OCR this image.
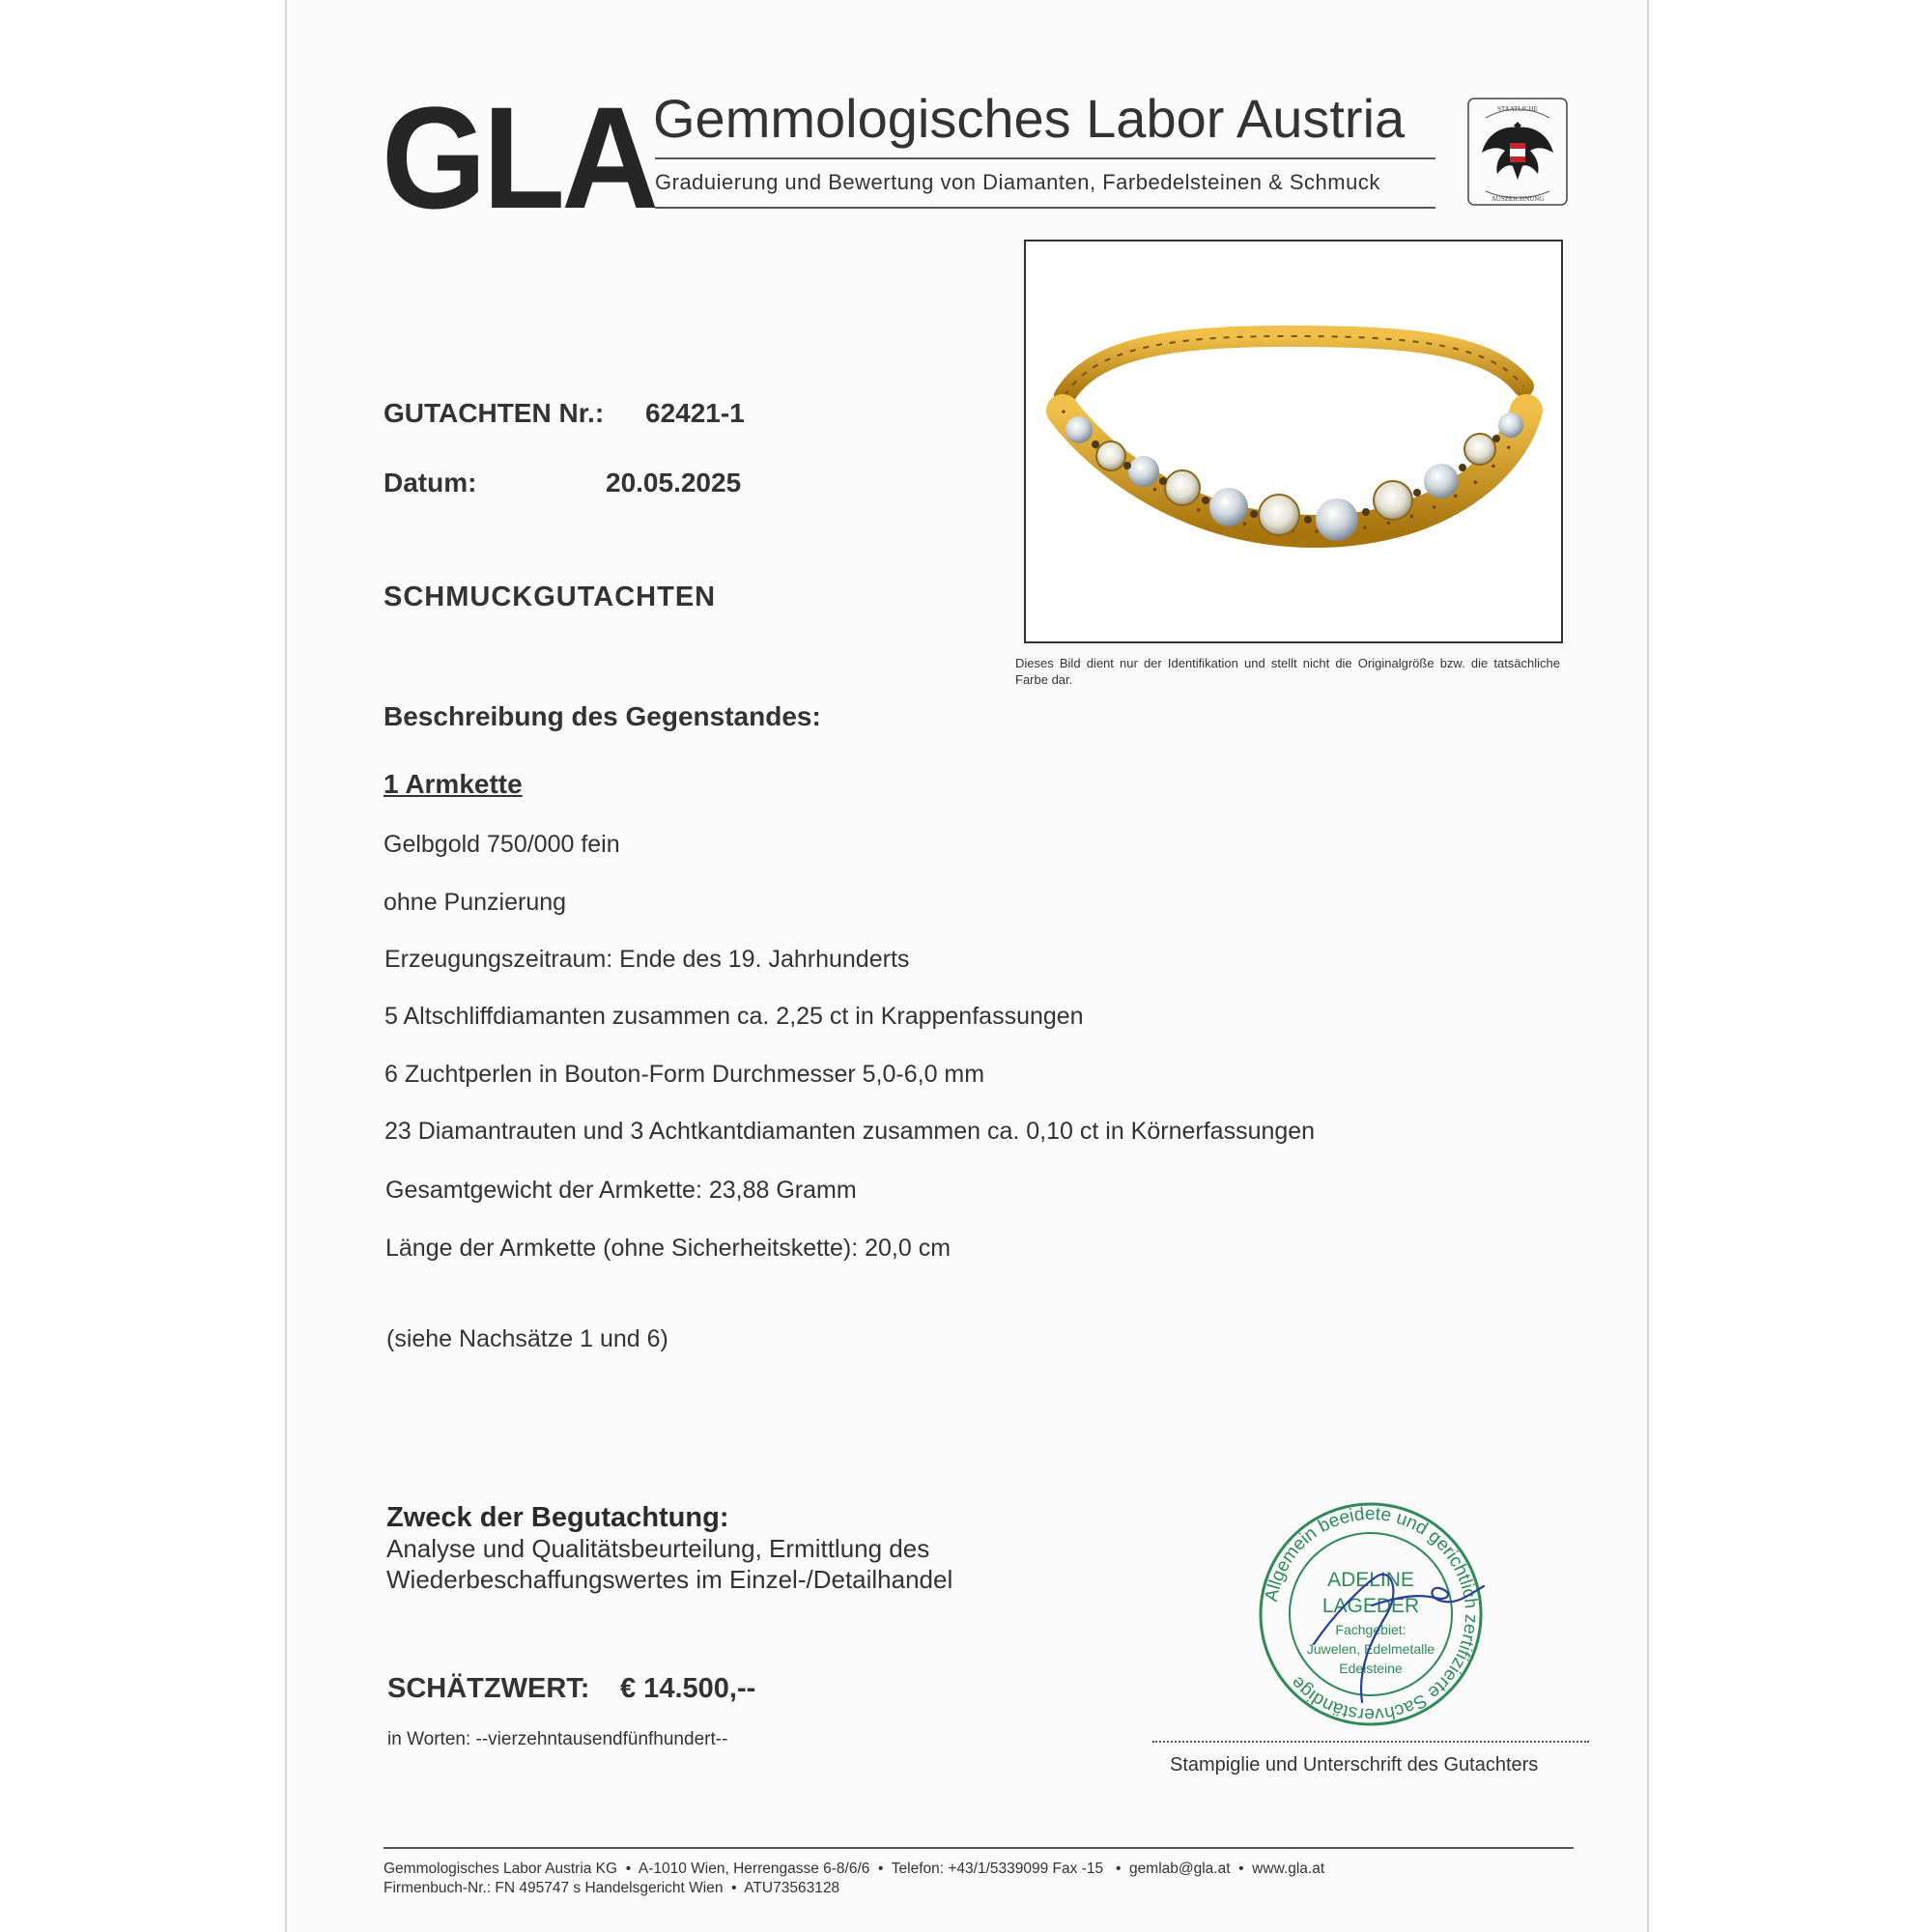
GLA
Gemmologisches Labor Austria
Graduierung und Bewertung von Diamanten, Farbedelsteinen & Schmuck
STAATLICHE
AUSZEICHNUNG
GUTACHTEN Nr.: 62421-1
Datum:	20.05.2025
SCHMUCKGUTACHTEN
Dieses Bild dient nur der Identifikation und stellt nicht die Originalgröße bzw. die tatsächliche Farbe dar.
Beschreibung des Gegenstandes:
1 Armkette
Gelbgold 750/000 fein
ohne Punzierung
Erzeugungszeitraum: Ende des 19. Jahrhunderts
5 Altschliffdiamanten zusammen ca. 2,25 ct in Krappenfassungen
6 Zuchtperlen in Bouton-Form Durchmesser 5,0-6,0 mm
23 Diamantrauten und 3 Achtkantdiamanten zusammen ca. 0,10 ct in Körnerfassungen
Gesamtgewicht der Armkette: 23,88 Gramm
Länge der Armkette (ohne Sicherheitskette): 20,0 cm
(siehe Nachsätze 1 und 6)
Zweck der Begutachtung:
Analyse und Qualitätsbeurteilung, Ermittlung des
Wiederbeschaffungswertes im Einzel-/Detailhandel
SCHÄTZWERT: € 14.500,--
in Worten: --vierzehntausendfünfhundert--
Allgemein beeidete und gerichtlich zertifizierte Sachverständige
ADELINE
LAGEDER
Fachgebiet:
Juwelen, Edelmetalle
Edelsteine
Stampiglie und Unterschrift des Gutachters
Gemmologisches Labor Austria KG  •  A-1010 Wien, Herrengasse 6-8/6/6  •  Telefon: +43/1/5339099 Fax -15   •  gemlab@gla.at  •  www.gla.at
Firmenbuch-Nr.: FN 495747 s Handelsgericht Wien  •  ATU73563128
